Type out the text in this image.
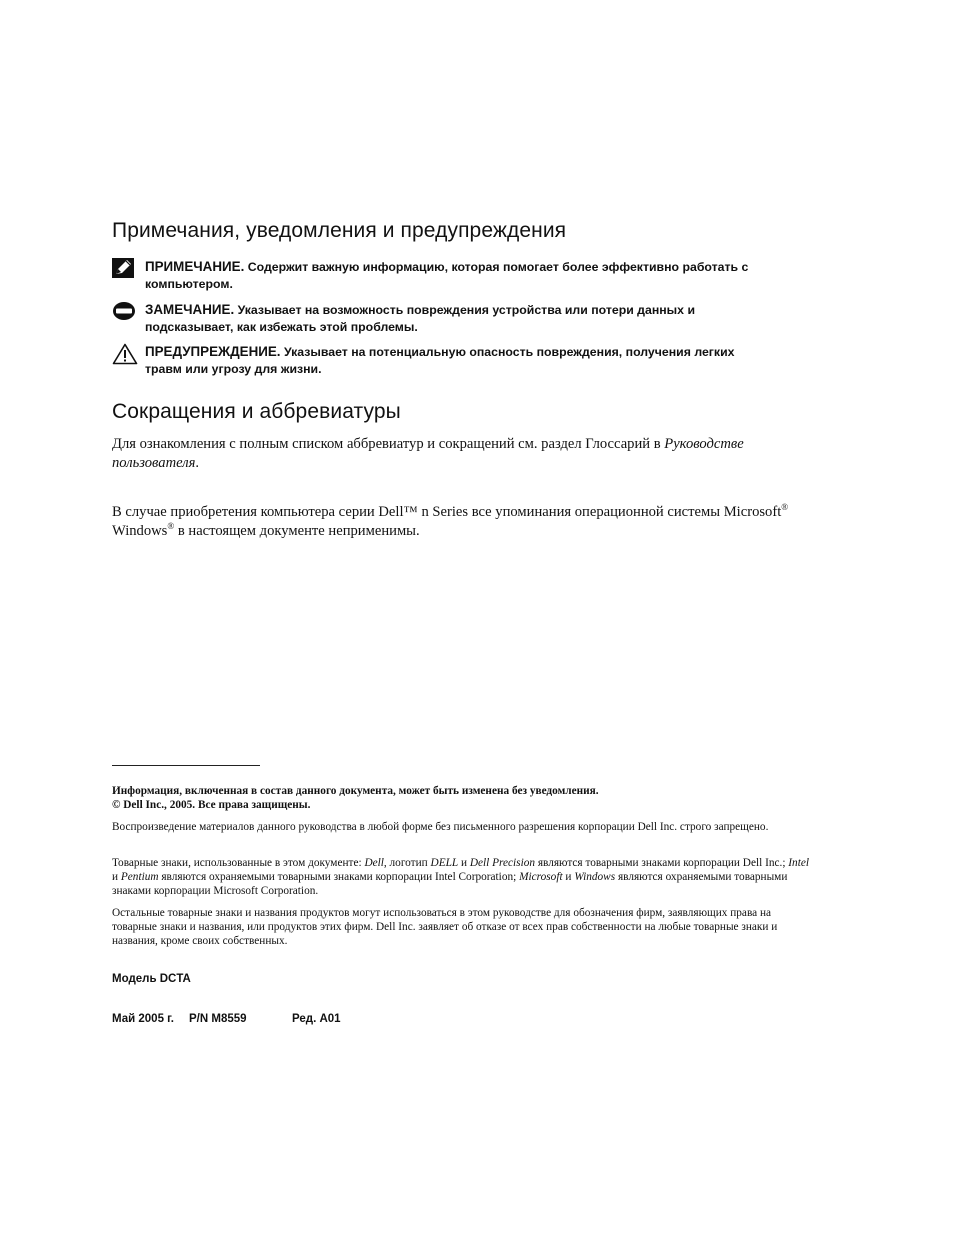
Примечания, уведомления и предупреждения
ПРИМЕЧАНИЕ. Содержит важную информацию, которая помогает более эффективно работать с
компьютером.
ЗАМЕЧАНИЕ. Указывает на возможность повреждения устройства или потери данных и
подсказывает, как избежать этой проблемы.
ПРЕДУПРЕЖДЕНИЕ. Указывает на потенциальную опасность повреждения, получения легких
травм или угрозу для жизни.
Сокращения и аббревиатуры
Для ознакомления с полным списком аббревиатур и сокращений см. раздел Глоссарий в Руководстве
пользователя.
В случае приобретения компьютера серии Dell™ n Series все упоминания операционной системы Microsoft®
Windows® в настоящем документе неприменимы.
Информация, включенная в состав данного документа, может быть изменена без уведомления.
© Dell Inc., 2005. Все права защищены.
Воспроизведение материалов данного руководства в любой форме без письменного разрешения корпорации Dell Inc. строго запрещено.
Товарные знаки, использованные в этом документе: Dell, логотип DELL и Dell Precision являются товарными знаками корпорации Dell Inc.; Intel и Pentium являются охраняемыми товарными знаками корпорации Intel Corporation; Microsoft и Windows являются охраняемыми товарными знаками корпорации Microsoft Corporation.
Остальные товарные знаки и названия продуктов могут использоваться в этом руководстве для обозначения фирм, заявляющих права на товарные знаки и названия, или продуктов этих фирм. Dell Inc. заявляет об отказе от всех прав собственности на любые товарные знаки и названия, кроме своих собственных.
Модель DCTA
Май 2005 г.	P/N M8559	Ред. A01
